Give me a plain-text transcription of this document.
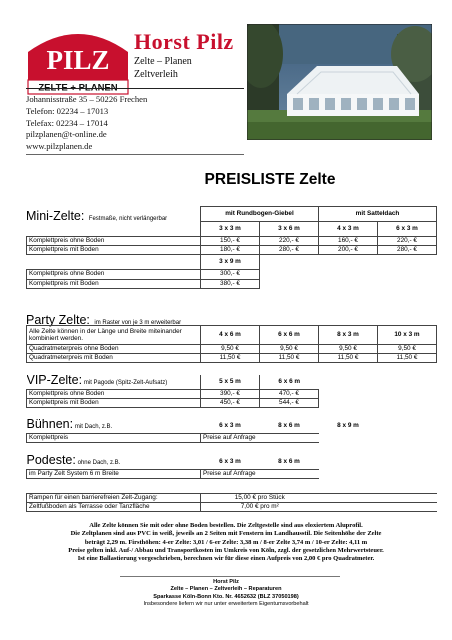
PILZ
ZELTE + PLANEN
Horst Pilz
Zelte – Planen
Zeltverleih
Johannisstraße 35 – 50226 Frechen
Telefon: 02234 – 17013
Telefax: 02234 – 17014
pilzplanen@t-online.de
www.pilzplanen.de
PREISLISTE Zelte
Mini-Zelte: Festmaße, nicht verlängerbar
	mit Rundbogen-Giebel		mit Satteldach	
	3 x 3 m	3 x 6 m	4 x 3 m	6 x 3 m
Komplettpreis ohne Boden	150,- €	220,- €	160,- €	220,- €
Komplettpreis mit Boden	180,- €	280,- €	200,- €	280,- €
	3 x 9 m			
Komplettpreis ohne Boden	300,- €			
Komplettpreis mit Boden	380,- €			
Party Zelte: im Raster von je 3 m erweiterbar
Alle Zelte können in der Länge und Breite miteinander kombiniert werden.	4 x 6 m	6 x 6 m	8 x 3 m	10 x 3 m
Quadratmeterpreis ohne Boden	9,50 €	9,50 €	9,50 €	9,50 €
Quadratmeterpreis mit Boden	11,50 €	11,50 €	11,50 €	11,50 €
VIP-Zelte: mit Pagode (Spitz-Zelt-Aufsatz)	5 x 5 m	6 x 6 m	
Komplettpreis ohne Boden	390,- €	470,- €	
Komplettpreis mit Boden	450,- €	544,- €	
Bühnen: mit Dach, z.B.	6 x 3 m	8 x 6 m	8 x 9 m	
Komplettpreis	Preise auf Anfrage			
Podeste: ohne Dach, z.B.	6 x 3 m	8 x 6 m	
im Party Zelt System 6 m Breite	Preise auf Anfrage		
Rampen für einen barrierefreien Zelt-Zugang:	15,00 € pro Stück	
Zeltfußboden als Terrasse oder Tanzfläche	7,00 € pro m²	
Alle Zelte können Sie mit oder ohne Boden bestellen. Die Zeltgestelle sind aus eloxiertem Aluprofil.
Die Zeltplanen sind aus PVC in weiß, jeweils an 2 Seiten mit Fenstern im Landhausstil. Die Seitenhöhe der Zelte
beträgt 2,29 m. Firsthöhen: 4-er Zelte: 3,01 / 6-er Zelte: 3,38 m / 8-er Zelte 3,74 m / 10-er Zelte: 4,11 m
Preise gelten inkl. Auf-/ Abbau und Transportkosten im Umkreis von Köln, zzgl. der gesetzlichen Mehrwertsteuer.
Ist eine Ballastierung vorgeschrieben, berechnen wir für diese einen Aufpreis von 2,00 € pro Quadratmeter.
Horst Pilz
Zelte – Planen – Zeltverleih – Reparaturen
Sparkasse Köln-Bonn Kto. Nr. 4652632 (BLZ 37050198)
Insbesondere liefern wir nur unter erweitertem Eigentumsvorbehalt
